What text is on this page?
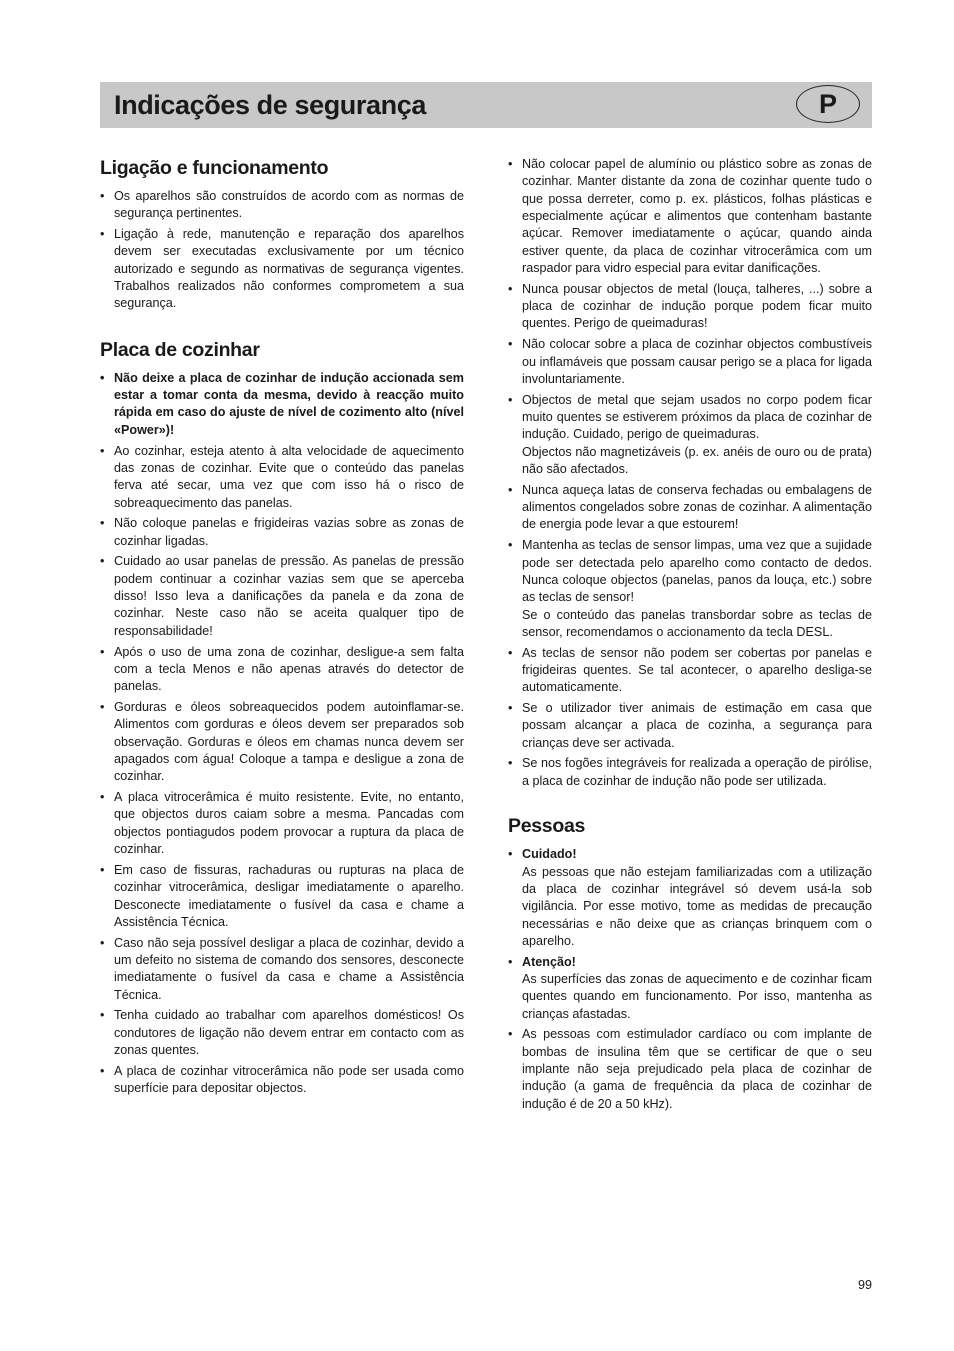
Indicações de segurança	P
Ligação e funcionamento
• Os aparelhos são construídos de acordo com as normas de segurança pertinentes.
• Ligação à rede, manutenção e reparação dos aparelhos devem ser executadas exclusivamente por um técnico autorizado e segundo as normativas de segurança vigentes. Trabalhos realizados não conformes comprometem a sua segurança.
Placa de cozinhar
• Não deixe a placa de cozinhar de indução accionada sem estar a tomar conta da mesma, devido à reacção muito rápida em caso do ajuste de nível de cozimento alto (nível «Power»)!
• Ao cozinhar, esteja atento à alta velocidade de aquecimento das zonas de cozinhar. Evite que o conteúdo das panelas ferva até secar, uma vez que com isso há o risco de sobreaquecimento das panelas.
• Não coloque panelas e frigideiras vazias sobre as zonas de cozinhar ligadas.
• Cuidado ao usar panelas de pressão. As panelas de pressão podem continuar a cozinhar vazias sem que se aperceba disso! Isso leva a danificações da panela e da zona de cozinhar. Neste caso não se aceita qualquer tipo de responsabilidade!
• Após o uso de uma zona de cozinhar, desligue-a sem falta com a tecla Menos e não apenas através do detector de panelas.
• Gorduras e óleos sobreaquecidos podem autoinflamar-se. Alimentos com gorduras e óleos devem ser preparados sob observação. Gorduras e óleos em chamas nunca devem ser apagados com água! Coloque a tampa e desligue a zona de cozinhar.
• A placa vitrocerâmica é muito resistente. Evite, no entanto, que objectos duros caiam sobre a mesma. Pancadas com objectos pontiagudos podem provocar a ruptura da placa de cozinhar.
• Em caso de fissuras, rachaduras ou rupturas na placa de cozinhar vitrocerâmica, desligar imediatamente o aparelho. Desconecte imediatamente o fusível da casa e chame a Assistência Técnica.
• Caso não seja possível desligar a placa de cozinhar, devido a um defeito no sistema de comando dos sensores, desconecte imediatamente o fusível da casa e chame a Assistência Técnica.
• Tenha cuidado ao trabalhar com aparelhos domésticos! Os condutores de ligação não devem entrar em contacto com as zonas quentes.
• A placa de cozinhar vitrocerâmica não pode ser usada como superfície para depositar objectos.
• Não colocar papel de alumínio ou plástico sobre as zonas de cozinhar. Manter distante da zona de cozinhar quente tudo o que possa derreter, como p. ex. plásticos, folhas plásticas e especialmente açúcar e alimentos que contenham bastante açúcar. Remover imediatamente o açúcar, quando ainda estiver quente, da placa de cozinhar vitrocerâmica com um raspador para vidro especial para evitar danificações.
• Nunca pousar objectos de metal (louça, talheres, ...) sobre a placa de cozinhar de indução porque podem ficar muito quentes. Perigo de queimaduras!
• Não colocar sobre a placa de cozinhar objectos combustíveis ou inflamáveis que possam causar perigo se a placa for ligada involuntariamente.
• Objectos de metal que sejam usados no corpo podem ficar muito quentes se estiverem próximos da placa de cozinhar de indução. Cuidado, perigo de queimaduras.
Objectos não magnetizáveis (p. ex. anéis de ouro ou de prata) não são afectados.
• Nunca aqueça latas de conserva fechadas ou embalagens de alimentos congelados sobre zonas de cozinhar. A alimentação de energia pode levar a que estourem!
• Mantenha as teclas de sensor limpas, uma vez que a sujidade pode ser detectada pelo aparelho como contacto de dedos. Nunca coloque objectos (panelas, panos da louça, etc.) sobre as teclas de sensor!
Se o conteúdo das panelas transbordar sobre as teclas de sensor, recomendamos o accionamento da tecla DESL.
• As teclas de sensor não podem ser cobertas por panelas e frigideiras quentes. Se tal acontecer, o aparelho desliga-se automaticamente.
• Se o utilizador tiver animais de estimação em casa que possam alcançar a placa de cozinha, a segurança para crianças deve ser activada.
• Se nos fogões integráveis for realizada a operação de pirólise, a placa de cozinhar de indução não pode ser utilizada.
Pessoas
• Cuidado!
As pessoas que não estejam familiarizadas com a utilização da placa de cozinhar integrável só devem usá-la sob vigilância. Por esse motivo, tome as medidas de precaução necessárias e não deixe que as crianças brinquem com o aparelho.
• Atenção!
As superfícies das zonas de aquecimento e de cozinhar ficam quentes quando em funcionamento. Por isso, mantenha as crianças afastadas.
• As pessoas com estimulador cardíaco ou com implante de bombas de insulina têm que se certificar de que o seu implante não seja prejudicado pela placa de cozinhar de indução (a gama de frequência da placa de cozinhar de indução é de 20 a 50 kHz).
99
